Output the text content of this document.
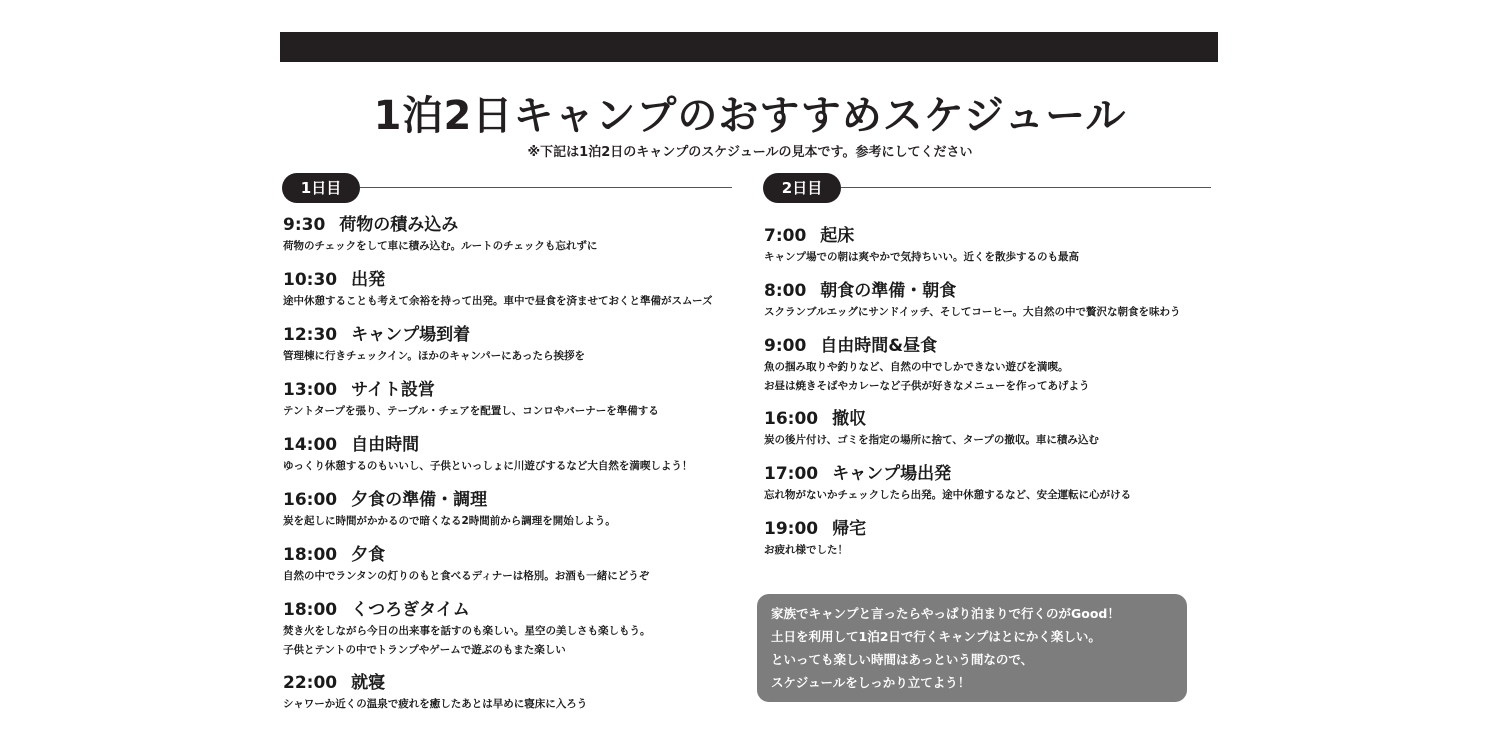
1泊2日キャンプのおすすめスケジュール
※下記は1泊2日のキャンプのスケジュールの見本です。参考にしてください
1日目	2日目
9:30 荷物の積み込み
荷物のチェックをして車に積み込む。ルートのチェックも忘れずに
10:30 出発
途中休憩することも考えて余裕を持って出発。車中で昼食を済ませておくと準備がスムーズ
12:30 キャンプ場到着
管理棟に行きチェックイン。ほかのキャンパーにあったら挨拶を
13:00 サイト設営
テントタープを張り、テーブル・チェアを配置し、コンロやバーナーを準備する
14:00 自由時間
ゆっくり休憩するのもいいし、子供といっしょに川遊びするなど大自然を満喫しよう！
16:00 夕食の準備・調理
炭を起しに時間がかかるので暗くなる2時間前から調理を開始しよう。
18:00 夕食
自然の中でランタンの灯りのもと食べるディナーは格別。お酒も一緒にどうぞ
18:00 くつろぎタイム
焚き火をしながら今日の出来事を話すのも楽しい。星空の美しさも楽しもう。
子供とテントの中でトランプやゲームで遊ぶのもまた楽しい
22:00 就寝
シャワーか近くの温泉で疲れを癒したあとは早めに寝床に入ろう
7:00 起床
キャンプ場での朝は爽やかで気持ちいい。近くを散歩するのも最高
8:00 朝食の準備・朝食
スクランブルエッグにサンドイッチ、そしてコーヒー。大自然の中で贅沢な朝食を味わう
9:00 自由時間&昼食
魚の掴み取りや釣りなど、自然の中でしかできない遊びを満喫。
お昼は焼きそばやカレーなど子供が好きなメニューを作ってあげよう
16:00 撤収
炭の後片付け、ゴミを指定の場所に捨て、タープの撤収。車に積み込む
17:00 キャンプ場出発
忘れ物がないかチェックしたら出発。途中休憩するなど、安全運転に心がける
19:00 帰宅
お疲れ様でした！
家族でキャンプと言ったらやっぱり泊まりで行くのがGood！
土日を利用して1泊2日で行くキャンプはとにかく楽しい。
といっても楽しい時間はあっという間なので、
スケジュールをしっかり立てよう！
